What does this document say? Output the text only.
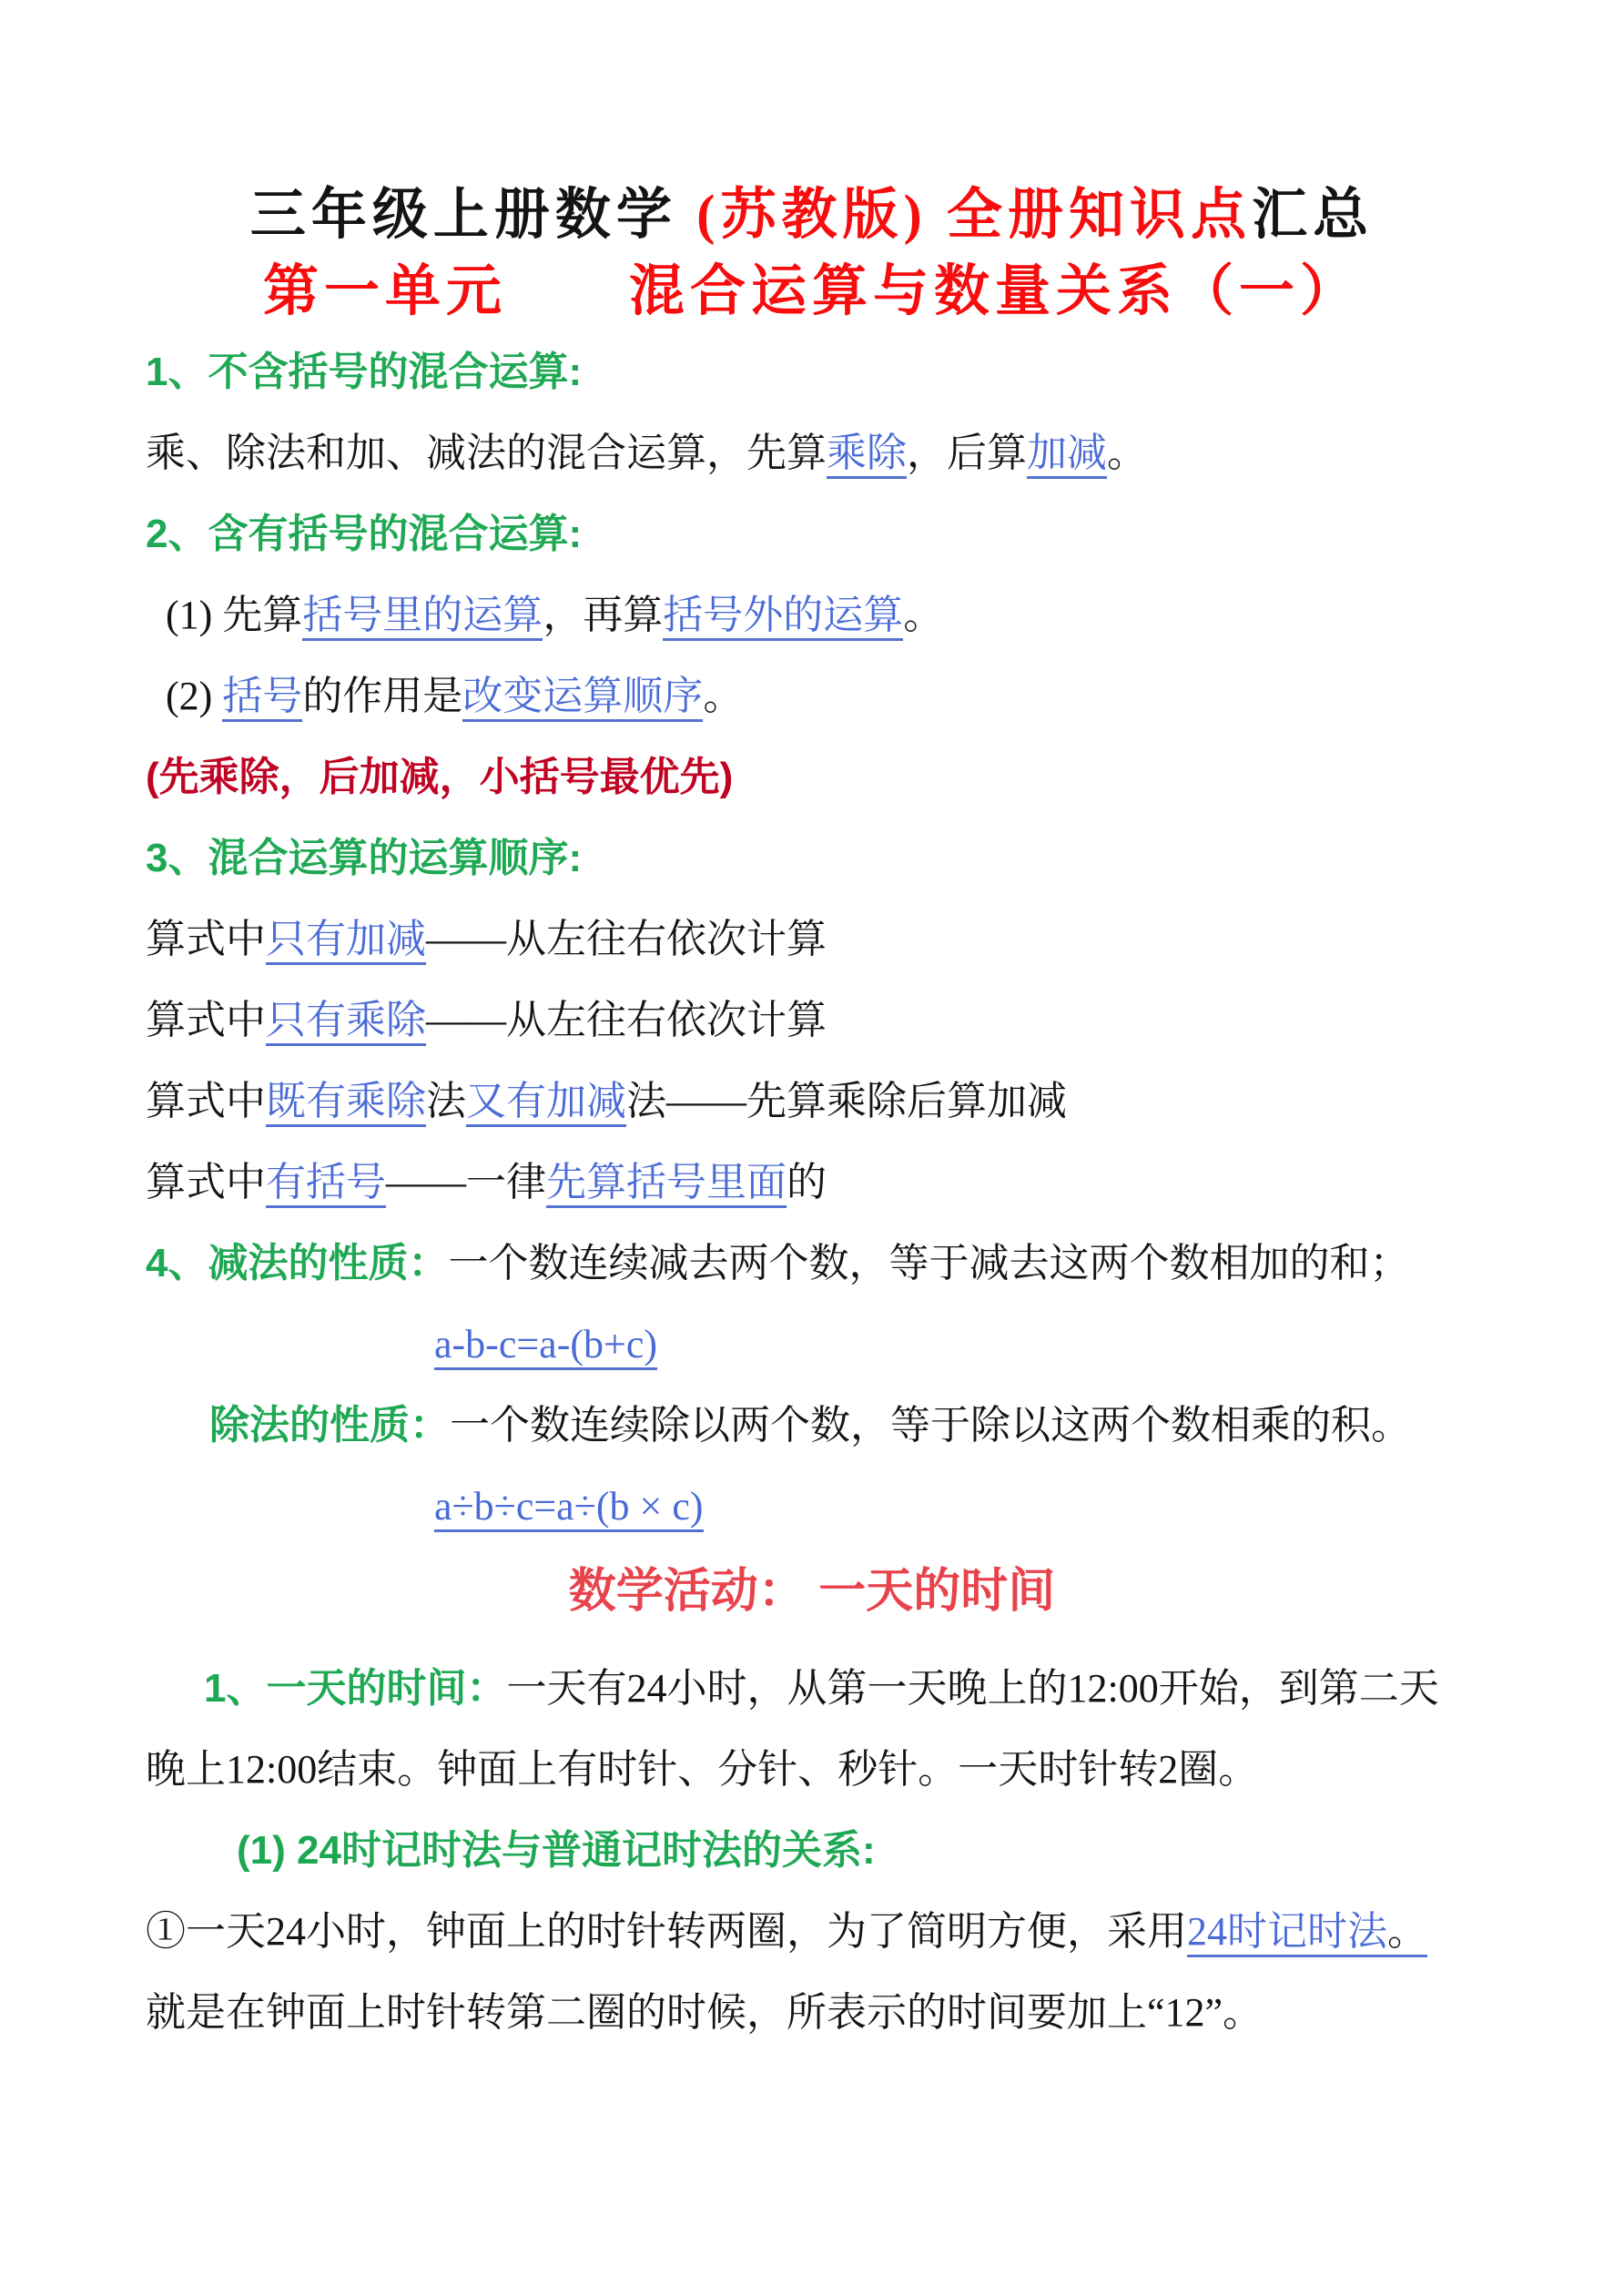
三年级上册数学 (苏教版) 全册知识点汇总
第一单元　　混合运算与数量关系（一）
1、不含括号的混合运算:
乘、除法和加、减法的混合运算，先算乘除，后算加减。
2、含有括号的混合运算:
(1) 先算括号里的运算，再算括号外的运算。
(2) 括号的作用是改变运算顺序。
(先乘除，后加减，小括号最优先)
3、混合运算的运算顺序:
算式中只有加减——从左往右依次计算
算式中只有乘除——从左往右依次计算
算式中既有乘除法又有加减法——先算乘除后算加减
算式中有括号——一律先算括号里面的
4、减法的性质：一个数连续减去两个数，等于减去这两个数相加的和；
a-b-c=a-(b+c)
除法的性质：一个数连续除以两个数，等于除以这两个数相乘的积。
a÷b÷c=a÷(b × c)
数学活动： 一天的时间
1、一天的时间：一天有24小时，从第一天晚上的12:00开始，到第二天
晚上12:00结束。钟面上有时针、分针、秒针。一天时针转2圈。
(1) 24时记时法与普通记时法的关系:
①一天24小时，钟面上的时针转两圈，为了简明方便，采用24时记时法。
就是在钟面上时针转第二圈的时候，所表示的时间要加上“12”。
